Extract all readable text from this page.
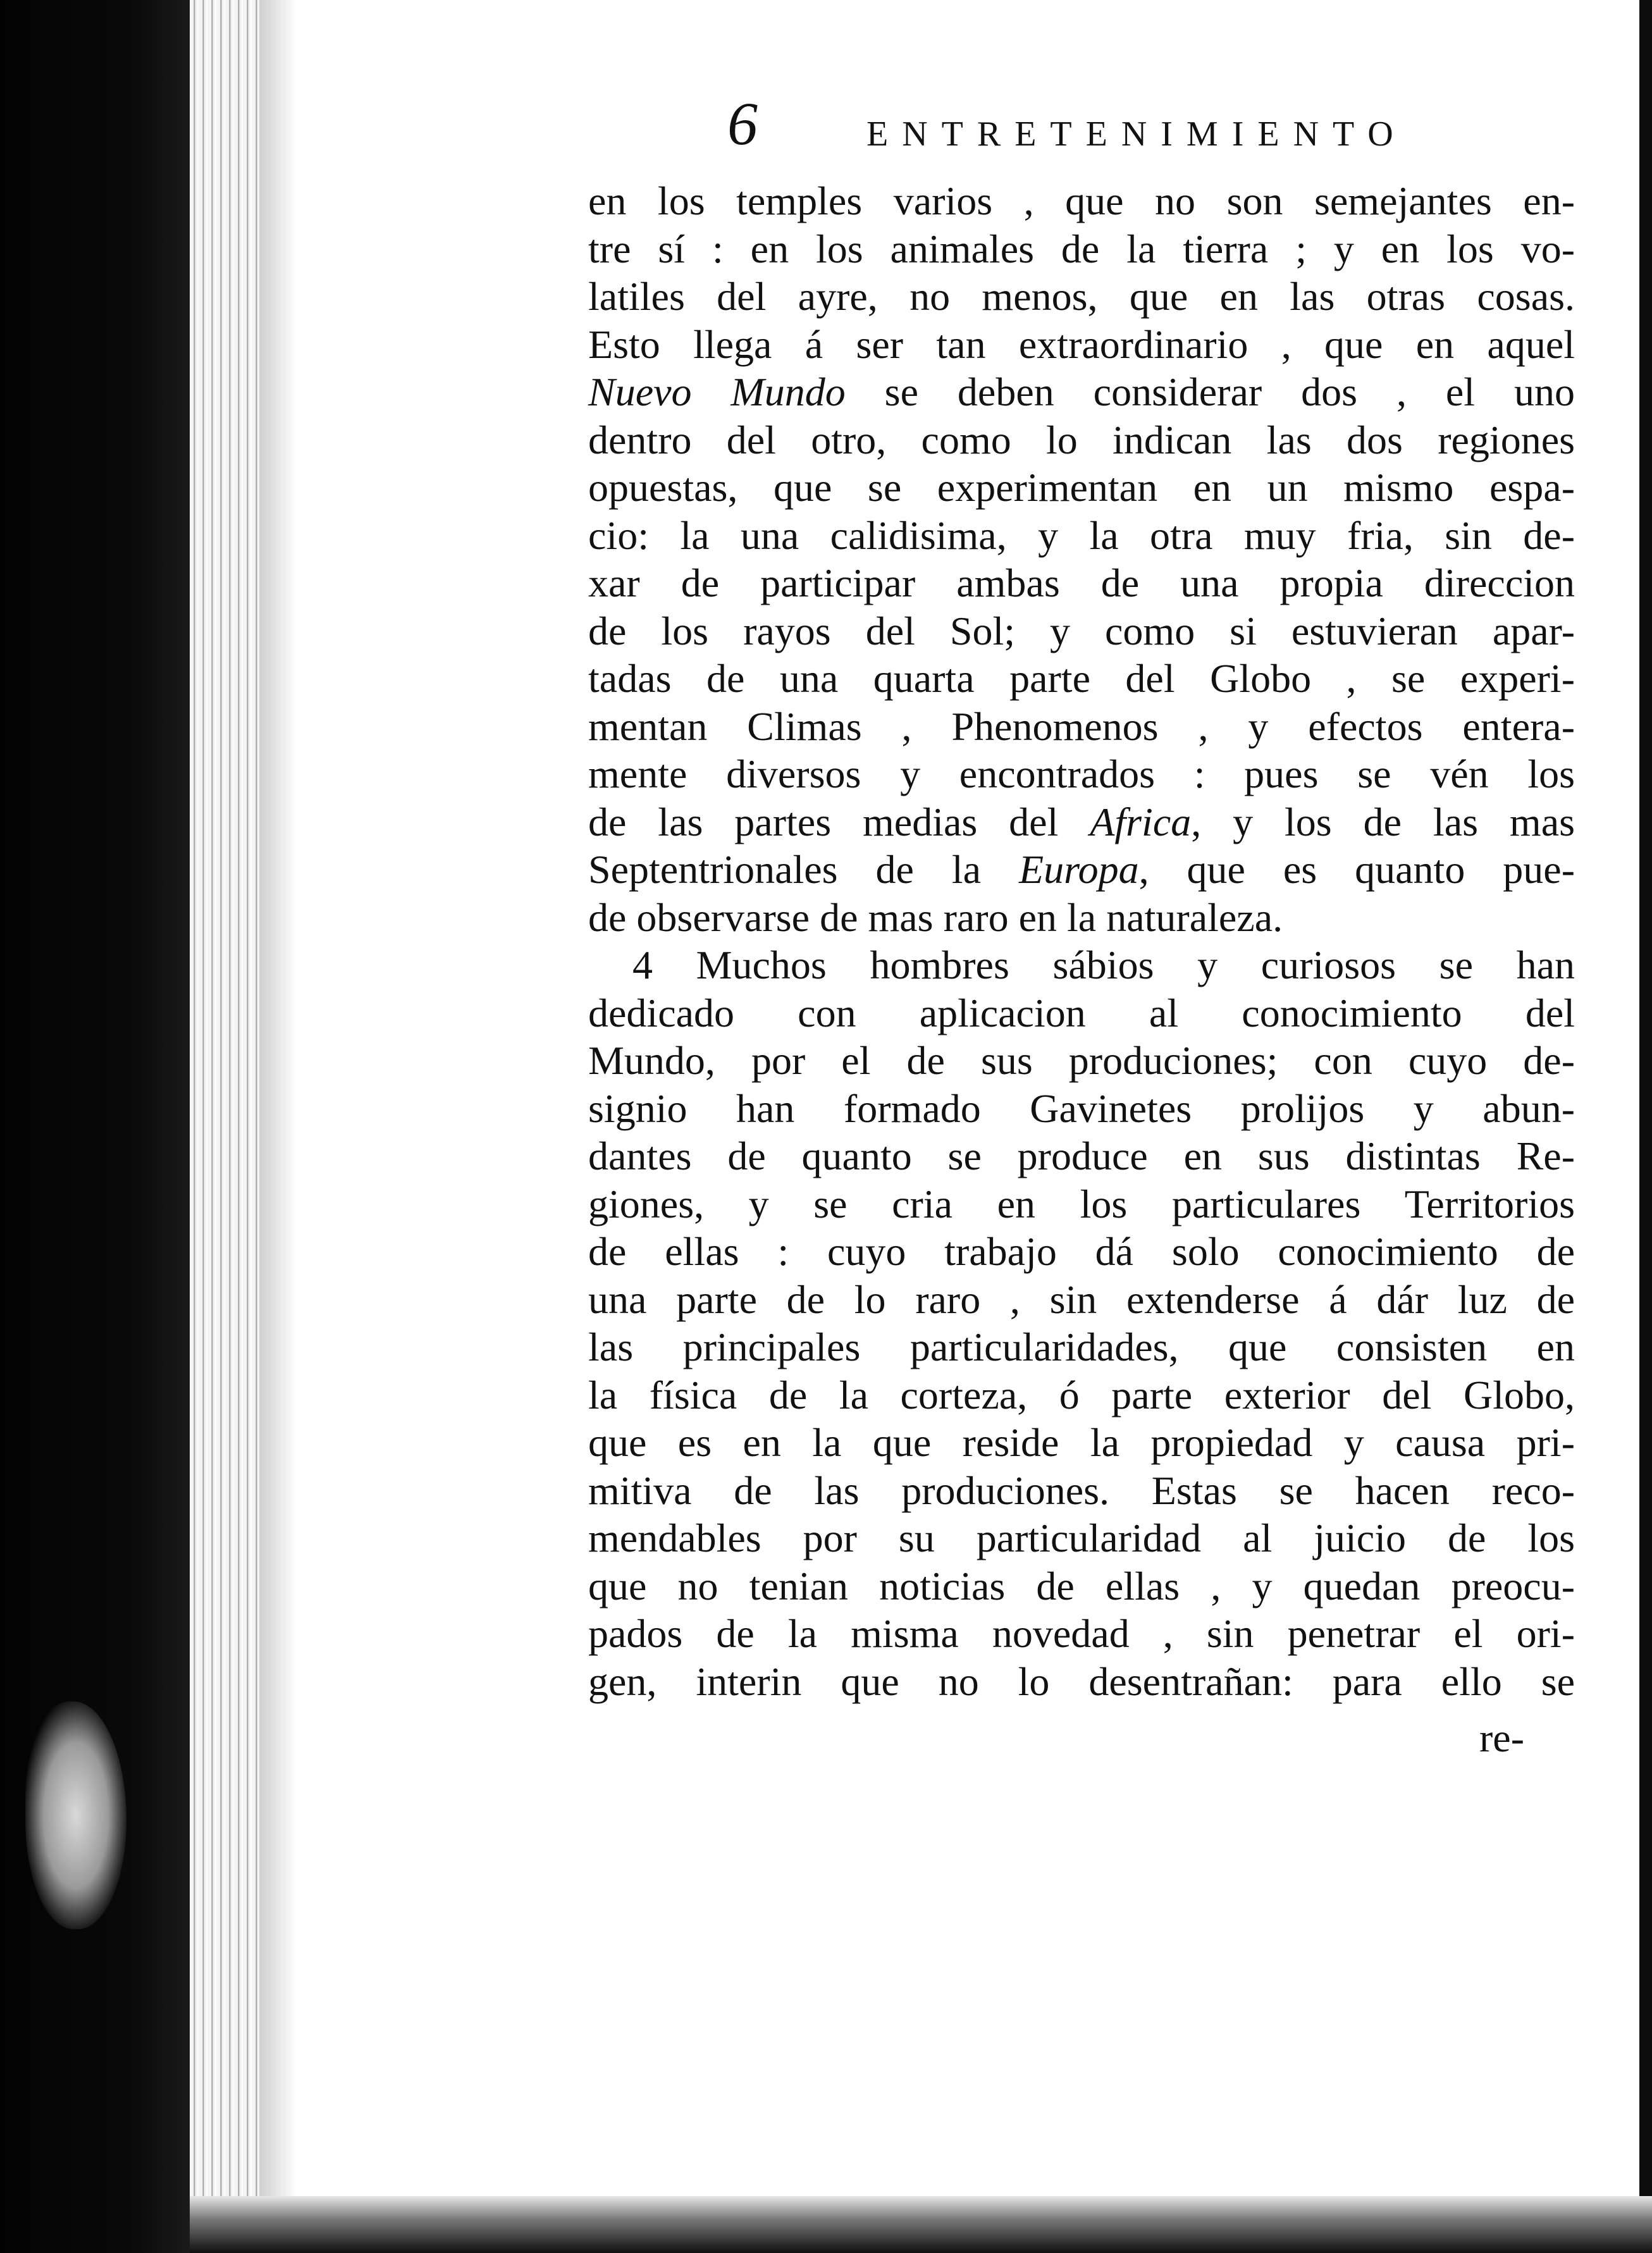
6	ENTRETENIMIENTO
en los temples varios , que no son semejantes en-
tre sí : en los animales de la tierra ; y en los vo-
latiles del ayre, no menos, que en las otras cosas.
Esto llega á ser tan extraordinario , que en aquel
Nuevo Mundo se deben considerar dos , el uno
dentro del otro, como lo indican las dos regiones
opuestas, que se experimentan en un mismo espa-
cio: la una calidisima, y la otra muy fria, sin de-
xar de participar ambas de una propia direccion
de los rayos del Sol; y como si estuvieran apar-
tadas de una quarta parte del Globo , se experi-
mentan Climas , Phenomenos , y efectos entera-
mente diversos y encontrados : pues se vén los
de las partes medias del Africa, y los de las mas
Septentrionales de la Europa, que es quanto pue-
de observarse de mas raro en la naturaleza.
4 Muchos hombres sábios y curiosos se han
dedicado con aplicacion al conocimiento del
Mundo, por el de sus produciones; con cuyo de-
signio han formado Gavinetes prolijos y abun-
dantes de quanto se produce en sus distintas Re-
giones, y se cria en los particulares Territorios
de ellas : cuyo trabajo dá solo conocimiento de
una parte de lo raro , sin extenderse á dár luz de
las principales particularidades, que consisten en
la física de la corteza, ó parte exterior del Globo,
que es en la que reside la propiedad y causa pri-
mitiva de las produciones. Estas se hacen reco-
mendables por su particularidad al juicio de los
que no tenian noticias de ellas , y quedan preocu-
pados de la misma novedad , sin penetrar el ori-
gen, interin que no lo desentrañan: para ello se
re-
